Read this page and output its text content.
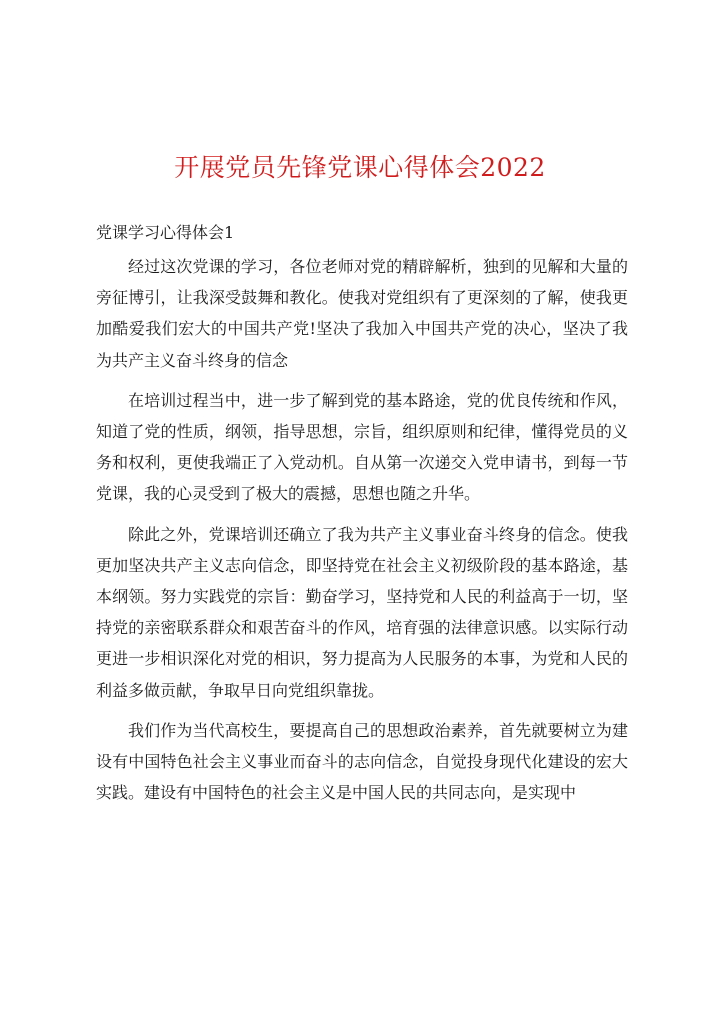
开展党员先锋党课心得体会2022
党课学习心得体会1

经过这次党课的学习，各位老师对党的精辟解析，独到的见解和大量的旁征博引，让我深受鼓舞和教化。使我对党组织有了更深刻的了解，使我更加酷爱我们宏大的中国共产党!坚决了我加入中国共产党的决心，坚决了我为共产主义奋斗终身的信念

在培训过程当中，进一步了解到党的基本路途，党的优良传统和作风，知道了党的性质，纲领，指导思想，宗旨，组织原则和纪律，懂得党员的义务和权利，更使我端正了入党动机。自从第一次递交入党申请书，到每一节党课，我的心灵受到了极大的震撼，思想也随之升华。

除此之外，党课培训还确立了我为共产主义事业奋斗终身的信念。使我更加坚决共产主义志向信念，即坚持党在社会主义初级阶段的基本路途，基本纲领。努力实践党的宗旨：勤奋学习，坚持党和人民的利益高于一切，坚持党的亲密联系群众和艰苦奋斗的作风，培育强的法律意识感。以实际行动更进一步相识深化对党的相识，努力提高为人民服务的本事，为党和人民的利益多做贡献，争取早日向党组织靠拢。

我们作为当代高校生，要提高自己的思想政治素养，首先就要树立为建设有中国特色社会主义事业而奋斗的志向信念，自觉投身现代化建设的宏大实践。建设有中国特色的社会主义是中国人民的共同志向，是实现中
